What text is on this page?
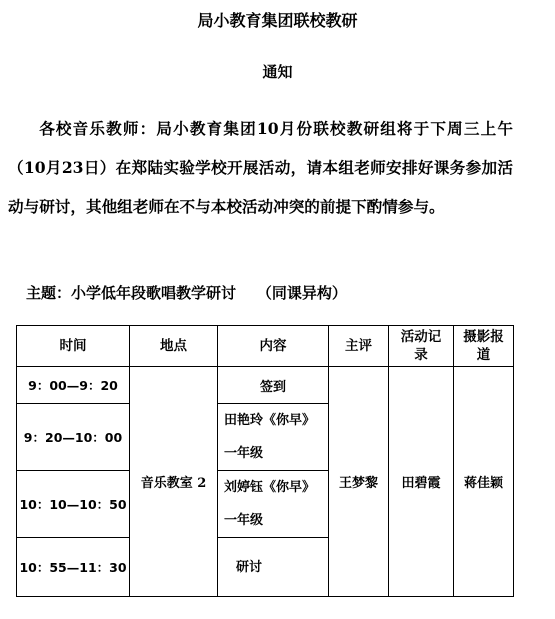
局小教育集团联校教研
通知
各校音乐教师：局小教育集团10月份联校教研组将于下周三上午（10月23日）在郑陆实验学校开展活动，请本组老师安排好课务参加活动与研讨，其他组老师在不与本校活动冲突的前提下酌情参与。
主题：小学低年段歌唱教学研讨    （同课异构）
时间	地点	内容	主评	活动记录	摄影报道
9：00—9：20	音乐教室 2	签到	王梦黎	田碧霞	蒋佳颖
9：20—10：00		田艳玲《你早》
一年级			

10：10—10：50		刘婷钰《你早》
一年级			

10：55—11：30		研讨			
